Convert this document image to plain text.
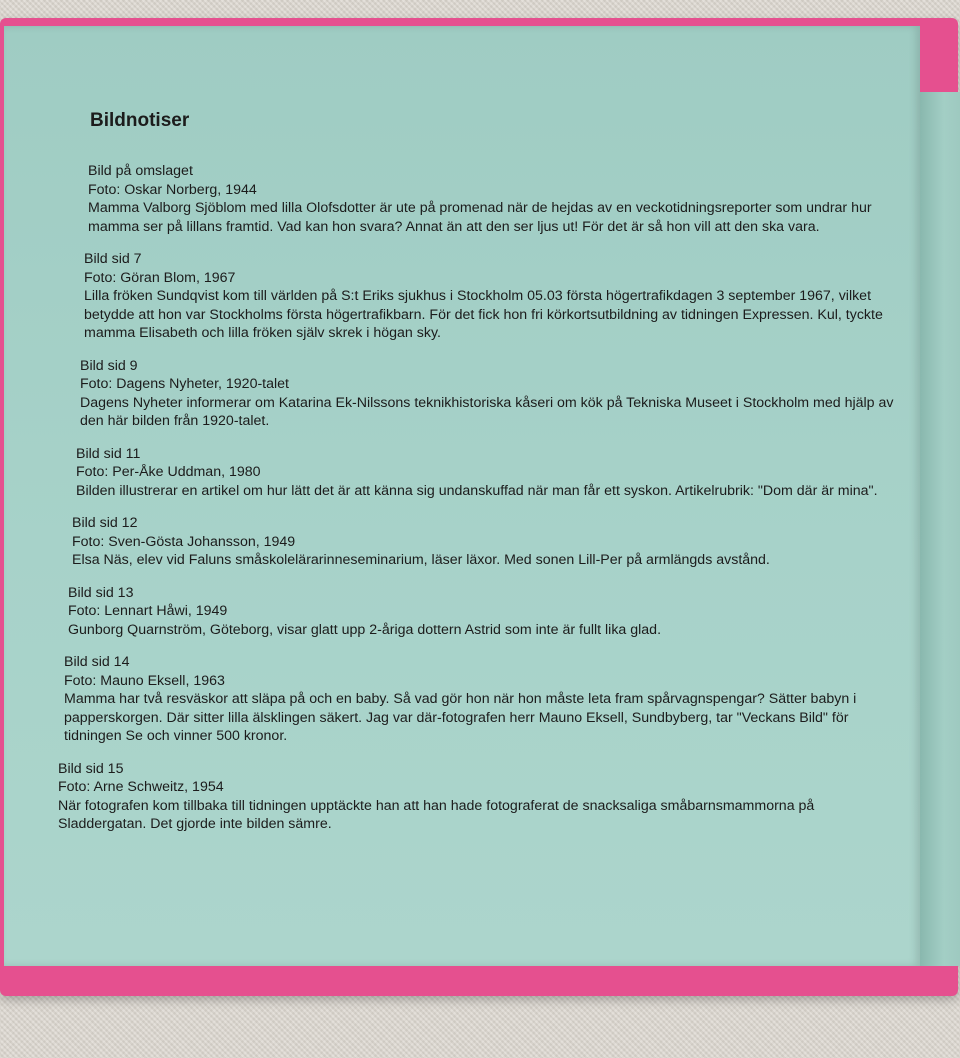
Bildnotiser
Bild på omslaget
Foto: Oskar Norberg, 1944
Mamma Valborg Sjöblom med lilla Olofsdotter är ute på promenad när de hejdas av en veckotidningsreporter som undrar hur mamma ser på lillans framtid. Vad kan hon svara? Annat än att den ser ljus ut! För det är så hon vill att den ska vara.
Bild sid 7
Foto: Göran Blom, 1967
Lilla fröken Sundqvist kom till världen på S:t Eriks sjukhus i Stockholm 05.03 första högertrafikdagen 3 september 1967, vilket betydde att hon var Stockholms första högertrafikbarn. För det fick hon fri körkortsutbildning av tidningen Expressen. Kul, tyckte mamma Elisabeth och lilla fröken själv skrek i högan sky.
Bild sid 9
Foto: Dagens Nyheter, 1920-talet
Dagens Nyheter informerar om Katarina Ek-Nilssons teknikhistoriska kåseri om kök på Tekniska Museet i Stockholm med hjälp av den här bilden från 1920-talet.
Bild sid 11
Foto: Per-Åke Uddman, 1980
Bilden illustrerar en artikel om hur lätt det är att känna sig undanskuffad när man får ett syskon. Artikelrubrik: "Dom där är mina".
Bild sid 12
Foto: Sven-Gösta Johansson, 1949
Elsa Näs, elev vid Faluns småskolelärarinneseminarium, läser läxor. Med sonen Lill-Per på armlängds avstånd.
Bild sid 13
Foto: Lennart Håwi, 1949
Gunborg Quarnström, Göteborg, visar glatt upp 2-åriga dottern Astrid som inte är fullt lika glad.
Bild sid 14
Foto: Mauno Eksell, 1963
Mamma har två resväskor att släpa på och en baby. Så vad gör hon när hon måste leta fram spårvagnspengar? Sätter babyn i papperskorgen. Där sitter lilla älsklingen säkert. Jag var där-fotografen herr Mauno Eksell, Sundbyberg, tar "Veckans Bild" för tidningen Se och vinner 500 kronor.
Bild sid 15
Foto: Arne Schweitz, 1954
När fotografen kom tillbaka till tidningen upptäckte han att han hade fotograferat de snacksaliga småbarnsmammorna på Sladdergatan. Det gjorde inte bilden sämre.
